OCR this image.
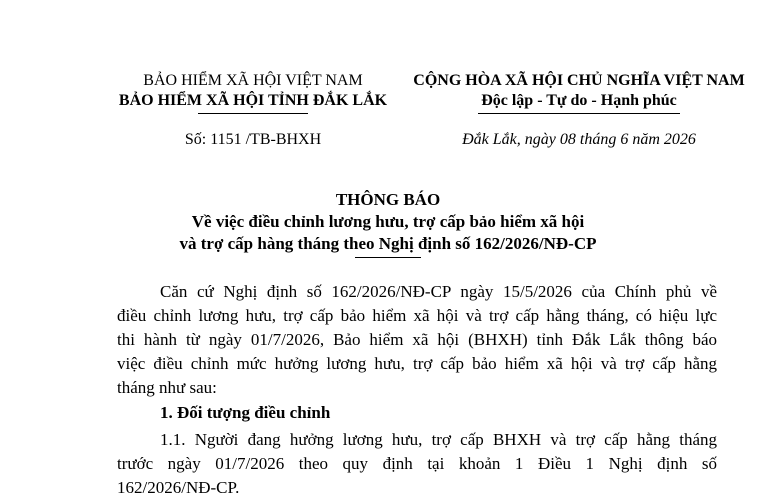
BẢO HIỂM XÃ HỘI VIỆT NAM
BẢO HIỂM XÃ HỘI TỈNH ĐẮK LẮK
Số: 1151 /TB-BHXH
CỘNG HÒA XÃ HỘI CHỦ NGHĨA VIỆT NAM
Độc lập - Tự do - Hạnh phúc
Đắk Lắk, ngày 08 tháng 6 năm 2026
THÔNG BÁO
Về việc điều chỉnh lương hưu, trợ cấp bảo hiểm xã hội
và trợ cấp hàng tháng theo Nghị định số 162/2026/NĐ-CP
Căn cứ Nghị định số 162/2026/NĐ-CP ngày 15/5/2026 của Chính phủ về
điều chỉnh lương hưu, trợ cấp bảo hiểm xã hội và trợ cấp hằng tháng, có hiệu lực
thi hành từ ngày 01/7/2026, Bảo hiểm xã hội (BHXH) tỉnh Đắk Lắk thông báo
việc điều chỉnh mức hưởng lương hưu, trợ cấp bảo hiểm xã hội và trợ cấp hằng
tháng như sau:
1. Đối tượng điều chỉnh
1.1. Người đang hưởng lương hưu, trợ cấp BHXH và trợ cấp hằng tháng
trước ngày 01/7/2026 theo quy định tại khoản 1 Điều 1 Nghị định số
162/2026/NĐ-CP.
